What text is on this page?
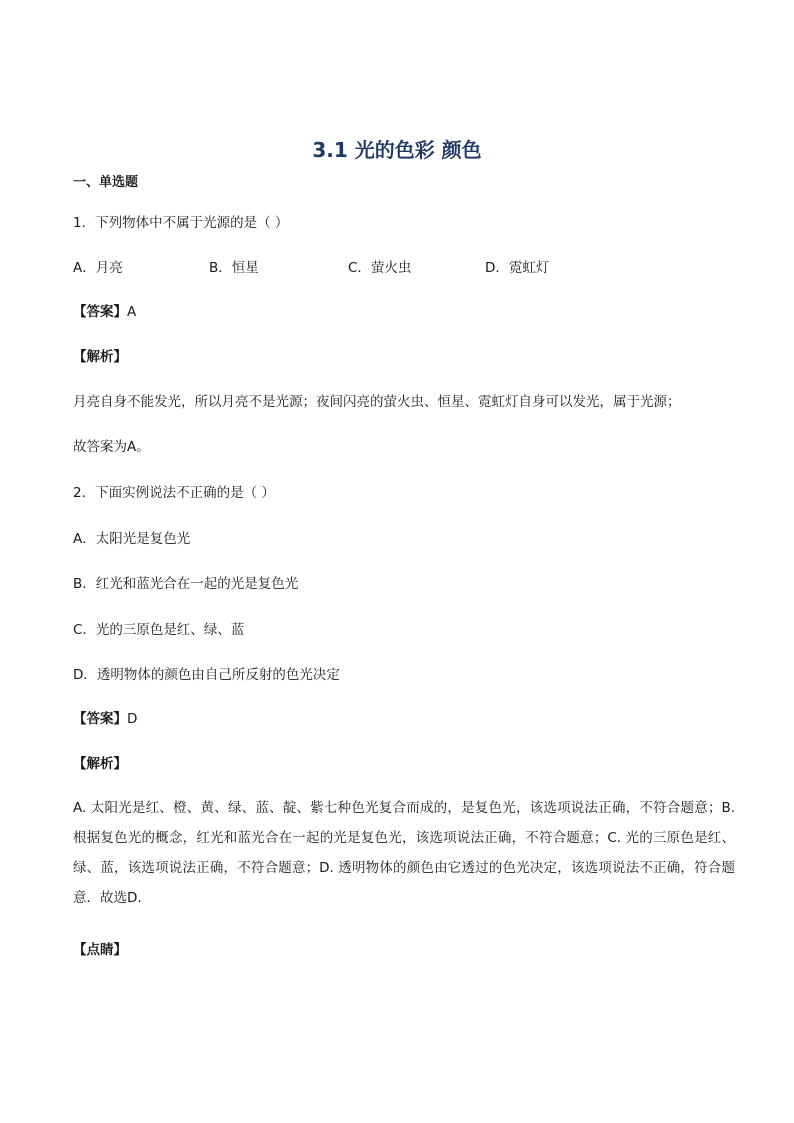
3.1 光的色彩 颜色
一、单选题
1．下列物体中不属于光源的是（ ）
A．月亮	B．恒星	C．萤火虫	D．霓虹灯
【答案】A
【解析】
月亮自身不能发光，所以月亮不是光源；夜间闪亮的萤火虫、恒星、霓虹灯自身可以发光，属于光源；
故答案为A。
2．下面实例说法不正确的是（ ）
A．太阳光是复色光
B．红光和蓝光合在一起的光是复色光
C．光的三原色是红、绿、蓝
D．透明物体的颜色由自己所反射的色光决定
【答案】D
【解析】
A. 太阳光是红、橙、黄、绿、蓝、靛、紫七种色光复合而成的，是复色光，该选项说法正确，不符合题意；B. 根据复色光的概念，红光和蓝光合在一起的光是复色光，该选项说法正确，不符合题意；C. 光的三原色是红、绿、蓝，该选项说法正确，不符合题意；D. 透明物体的颜色由它透过的色光决定，该选项说法不正确，符合题意．故选D.
【点睛】
